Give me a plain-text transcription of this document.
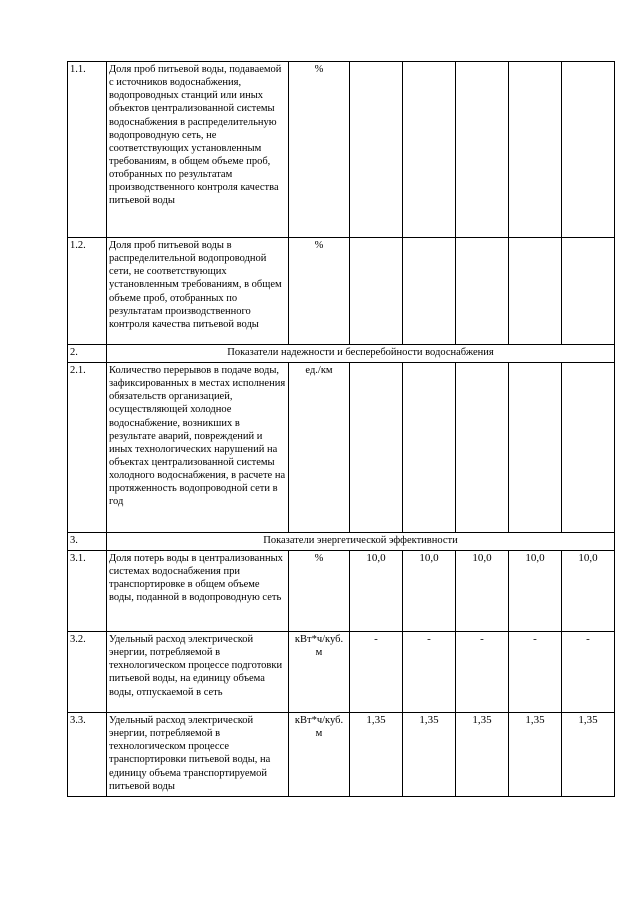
1.1.	Доля проб питьевой воды, подаваемой с источников водоснабжения, водопроводных станций или иных объектов централизованной системы водоснабжения в распределительную водопроводную сеть, не соответствующих установленным требованиям, в общем объеме проб, отобранных по результатам производственного контроля качества питьевой воды	%					
1.2.	Доля проб питьевой воды в распределительной водопроводной сети, не соответствующих установленным требованиям, в общем объеме проб, отобранных по результатам производственного контроля качества питьевой воды	%					
2.	Показатели надежности и бесперебойности водоснабжения						
2.1.	Количество перерывов в подаче воды, зафиксированных в местах исполнения обязательств организацией, осуществляющей холодное водоснабжение, возникших в результате аварий, повреждений и иных технологических нарушений на объектах централизованной системы холодного водоснабжения, в расчете на протяженность водопроводной сети в год	ед./км					
3.	Показатели энергетической эффективности						
3.1.	Доля потерь воды в централизованных системах водоснабжения при транспортировке в общем объеме воды, поданной в водопроводную сеть	%	10,0	10,0	10,0	10,0	10,0
3.2.	Удельный расход электрической энергии, потребляемой в технологическом процессе подготовки питьевой воды, на единицу объема воды, отпускаемой в сеть	кВт*ч/куб. м	-	-	-	-	-
3.3.	Удельный расход электрической энергии, потребляемой в технологическом процессе транспортировки питьевой воды, на единицу объема транспортируемой питьевой воды	кВт*ч/куб. м	1,35	1,35	1,35	1,35	1,35
